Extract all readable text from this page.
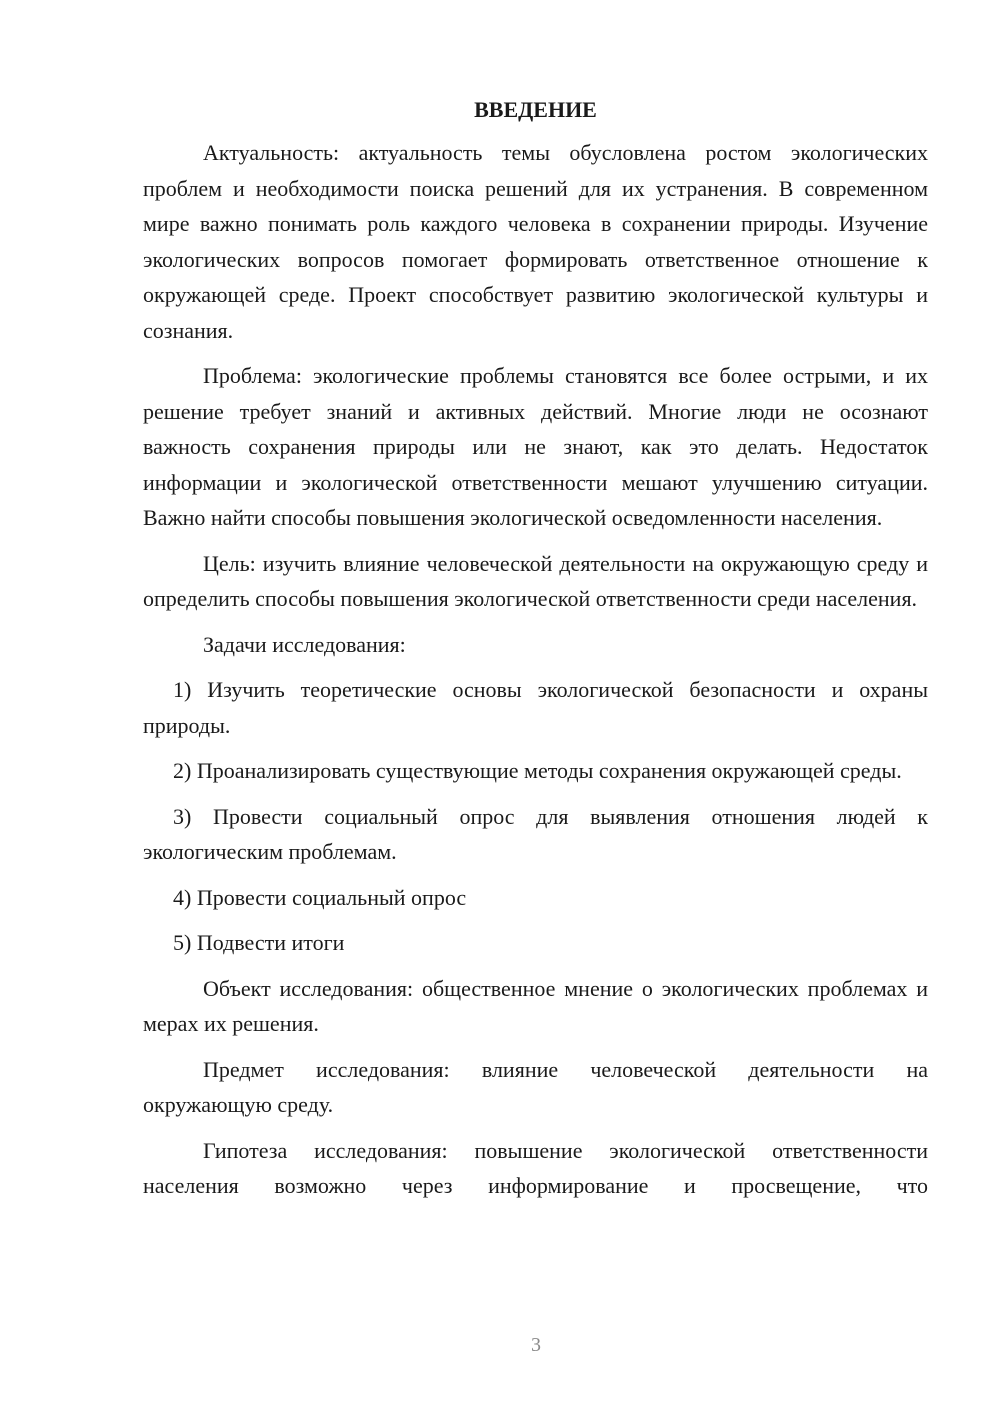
ВВЕДЕНИЕ

Актуальность: актуальность темы обусловлена ростом экологических проблем и необходимости поиска решений для их устранения. В современном мире важно понимать роль каждого человека в сохранении природы. Изучение экологических вопросов помогает формировать ответственное отношение к окружающей среде. Проект способствует развитию экологической культуры и сознания.

Проблема: экологические проблемы становятся все более острыми, и их решение требует знаний и активных действий. Многие люди не осознают важность сохранения природы или не знают, как это делать. Недостаток информации и экологической ответственности мешают улучшению ситуации. Важно найти способы повышения экологической осведомленности населения.

Цель: изучить влияние человеческой деятельности на окружающую среду и определить способы повышения экологической ответственности среди населения.

Задачи исследования:

1) Изучить теоретические основы экологической безопасности и охраны природы.

2) Проанализировать существующие методы сохранения окружающей среды.

3) Провести социальный опрос для выявления отношения людей к экологическим проблемам.

4) Провести социальный опрос

5) Подвести итоги

Объект исследования: общественное мнение о экологических проблемах и мерах их решения.

Предмет исследования: влияние человеческой деятельности на окружающую среду.

Гипотеза исследования: повышение экологической ответственности населения возможно через информирование и просвещение, что

3
